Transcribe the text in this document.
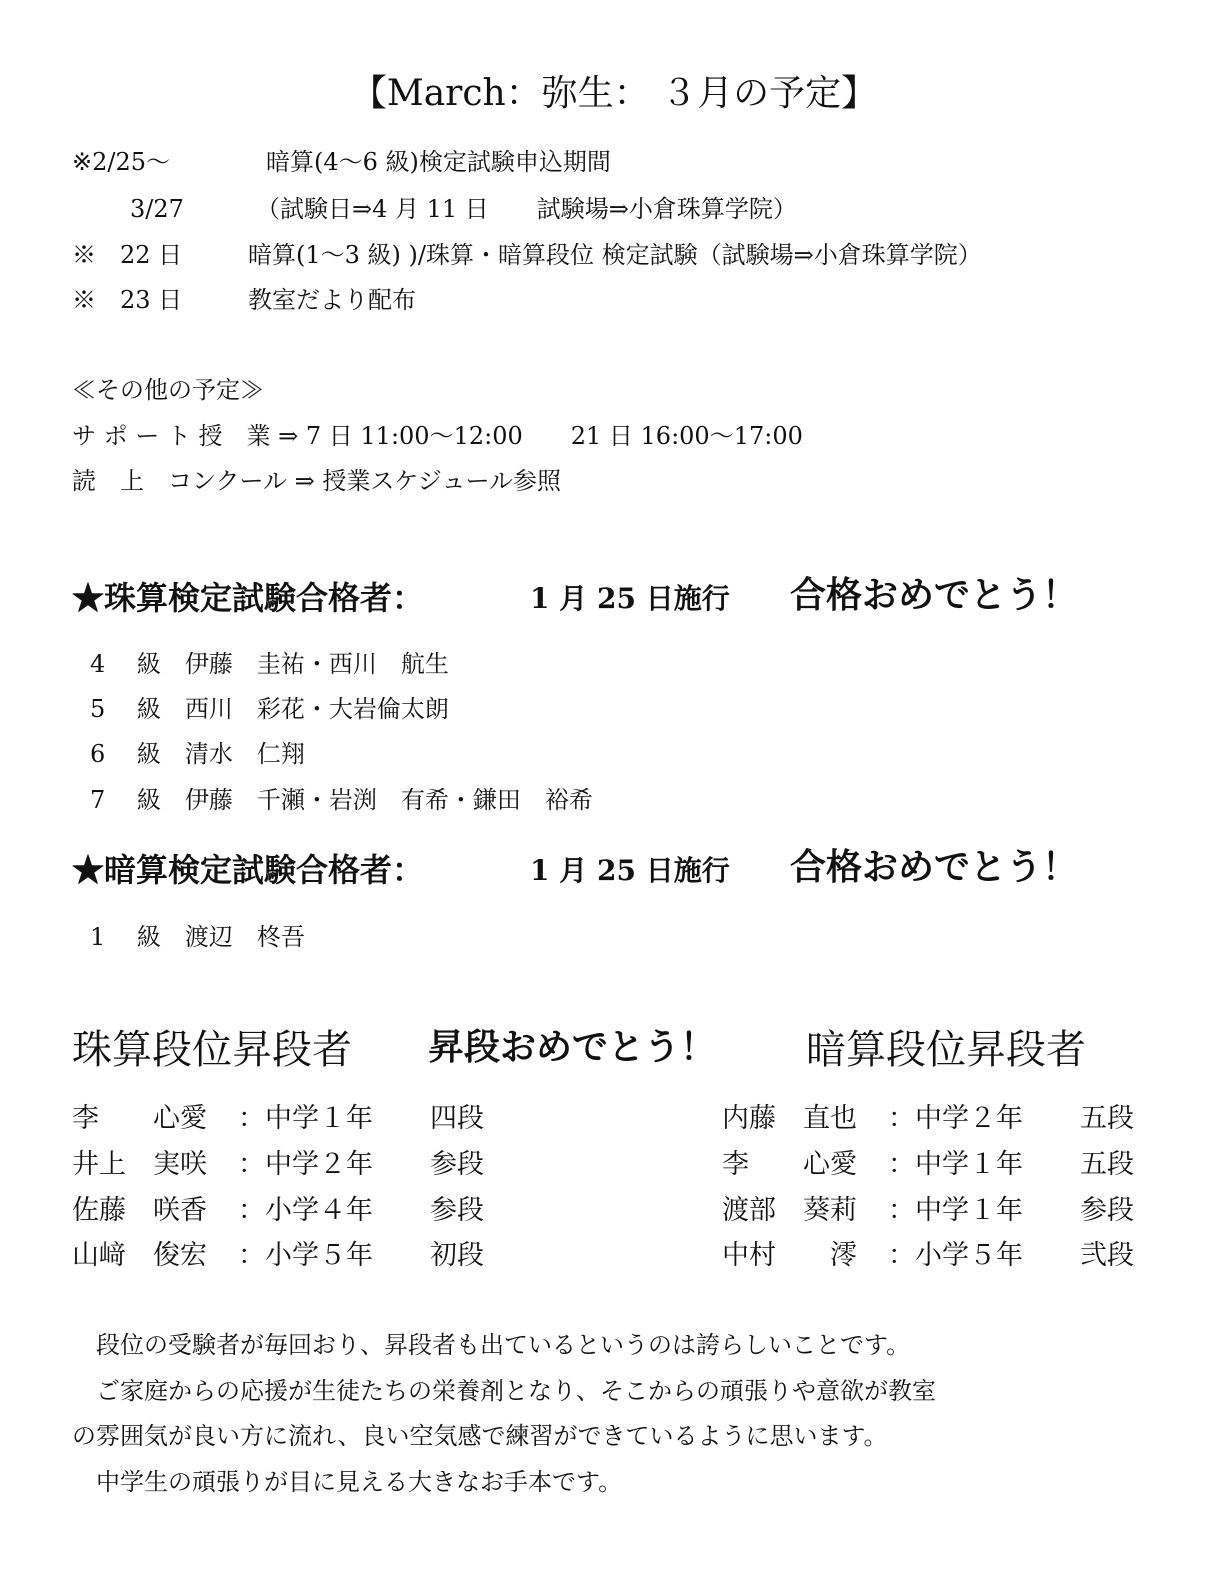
【March：弥生： ３月の予定】
※2/25～	暗算(4～6 級)検定試験申込期間
3/27	（試験日⇒4 月 11 日　　試験場⇒小倉珠算学院）
※　22 日	暗算(1～3 級) )/珠算・暗算段位 検定試験（試験場⇒小倉珠算学院）
※　23 日	教室だより配布
≪その他の予定≫
サ ポ ー ト 授　業 ⇒ 7 日 11:00～12:00　　21 日 16:00～17:00
読　上　コンクール ⇒ 授業スケジュール参照
★珠算検定試験合格者：	1 月 25 日施行 合格おめでとう！
4　 級　伊藤　圭祐・西川　航生
5　 級　西川　彩花・大岩倫太朗
6　 級　清水　仁翔
7　 級　伊藤　千瀬・岩渕　有希・鎌田　裕希
★暗算検定試験合格者：	1 月 25 日施行 合格おめでとう！
1　 級　渡辺　柊吾
珠算段位昇段者 昇段おめでとう！ 暗算段位昇段者
李　　心愛 ：中学１年 四段
井上　実咲 ：中学２年 参段
佐藤　咲香 ：小学４年 参段
山﨑　俊宏 ：小学５年 初段
内藤　直也 ：中学２年 五段
李　　心愛 ：中学１年 五段
渡部　葵莉 ：中学１年 参段
中村　　澪 ：小学５年 弐段
　段位の受験者が毎回おり、昇段者も出ているというのは誇らしいことです。
　ご家庭からの応援が生徒たちの栄養剤となり、そこからの頑張りや意欲が教室
の雰囲気が良い方に流れ、良い空気感で練習ができているように思います。
　中学生の頑張りが目に見える大きなお手本です。
